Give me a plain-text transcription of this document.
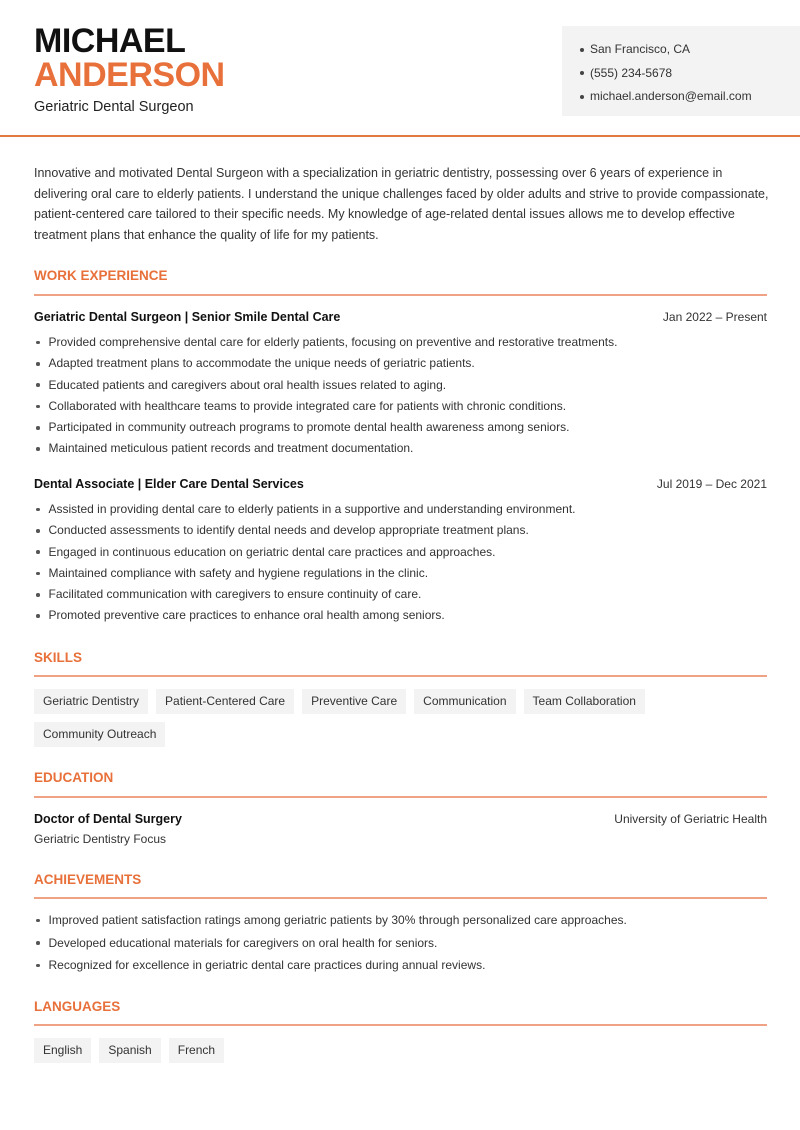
MICHAEL
ANDERSON
Geriatric Dental Surgeon
San Francisco, CA
(555) 234-5678
michael.anderson@email.com
Innovative and motivated Dental Surgeon with a specialization in geriatric dentistry, possessing over 6 years of experience in delivering oral care to elderly patients. I understand the unique challenges faced by older adults and strive to provide compassionate, patient-centered care tailored to their specific needs. My knowledge of age-related dental issues allows me to develop effective treatment plans that enhance the quality of life for my patients.
WORK EXPERIENCE
Geriatric Dental Surgeon | Senior Smile Dental Care	Jan 2022 – Present
Provided comprehensive dental care for elderly patients, focusing on preventive and restorative treatments.
Adapted treatment plans to accommodate the unique needs of geriatric patients.
Educated patients and caregivers about oral health issues related to aging.
Collaborated with healthcare teams to provide integrated care for patients with chronic conditions.
Participated in community outreach programs to promote dental health awareness among seniors.
Maintained meticulous patient records and treatment documentation.
Dental Associate | Elder Care Dental Services	Jul 2019 – Dec 2021
Assisted in providing dental care to elderly patients in a supportive and understanding environment.
Conducted assessments to identify dental needs and develop appropriate treatment plans.
Engaged in continuous education on geriatric dental care practices and approaches.
Maintained compliance with safety and hygiene regulations in the clinic.
Facilitated communication with caregivers to ensure continuity of care.
Promoted preventive care practices to enhance oral health among seniors.
SKILLS
Geriatric Dentistry	Patient-Centered Care	Preventive Care	Communication	Team Collaboration
Community Outreach
EDUCATION
Doctor of Dental Surgery	University of Geriatric Health
Geriatric Dentistry Focus
ACHIEVEMENTS
Improved patient satisfaction ratings among geriatric patients by 30% through personalized care approaches.
Developed educational materials for caregivers on oral health for seniors.
Recognized for excellence in geriatric dental care practices during annual reviews.
LANGUAGES
English	Spanish	French
